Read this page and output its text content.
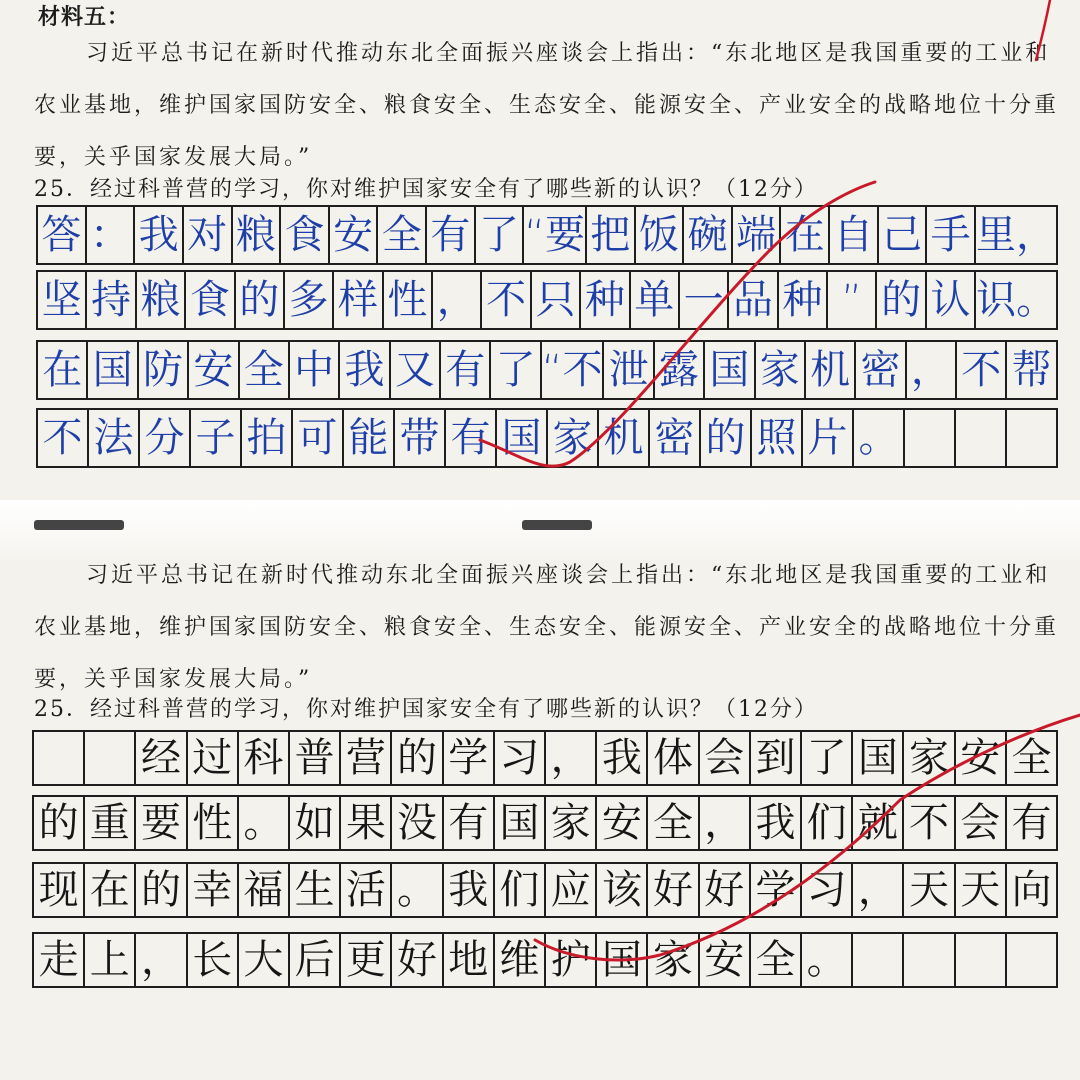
材料五：
习近平总书记在新时代推动东北全面振兴座谈会上指出：“东北地区是我国重要的工业和
农业基地，维护国家国防安全、粮食安全、生态安全、能源安全、产业安全的战略地位十分重
要，关乎国家发展大局。”
25．经过科普营的学习，你对维护国家安全有了哪些新的认识？（12分）
答 ： 我 对 粮 食 安 全 有 了 “要 把 饭 碗 端 在 自 己 手 里，
坚 持 粮 食 的 多 样 性 ， 不 只 种 单 一 品 种 ” 的 认 识。
在 国 防 安 全 中 我 又 有 了 “不 泄 露 国 家 机 密 ， 不 帮
不 法 分 子 拍 可 能 带 有 国 家 机 密 的 照 片 。
习近平总书记在新时代推动东北全面振兴座谈会上指出：“东北地区是我国重要的工业和
农业基地，维护国家国防安全、粮食安全、生态安全、能源安全、产业安全的战略地位十分重
要，关乎国家发展大局。”
25．经过科普营的学习，你对维护国家安全有了哪些新的认识？（12分）
经 过 科 普 营 的 学 习 ， 我 体 会 到 了 国 家 安 全
的 重 要 性 。 如 果 没 有 国 家 安 全 ， 我 们 就 不 会 有
现 在 的 幸 福 生 活 。 我 们 应 该 好 好 学 习 ， 天 天 向
走 上 ， 长 大 后 更 好 地 维 护 国 家 安 全 。
